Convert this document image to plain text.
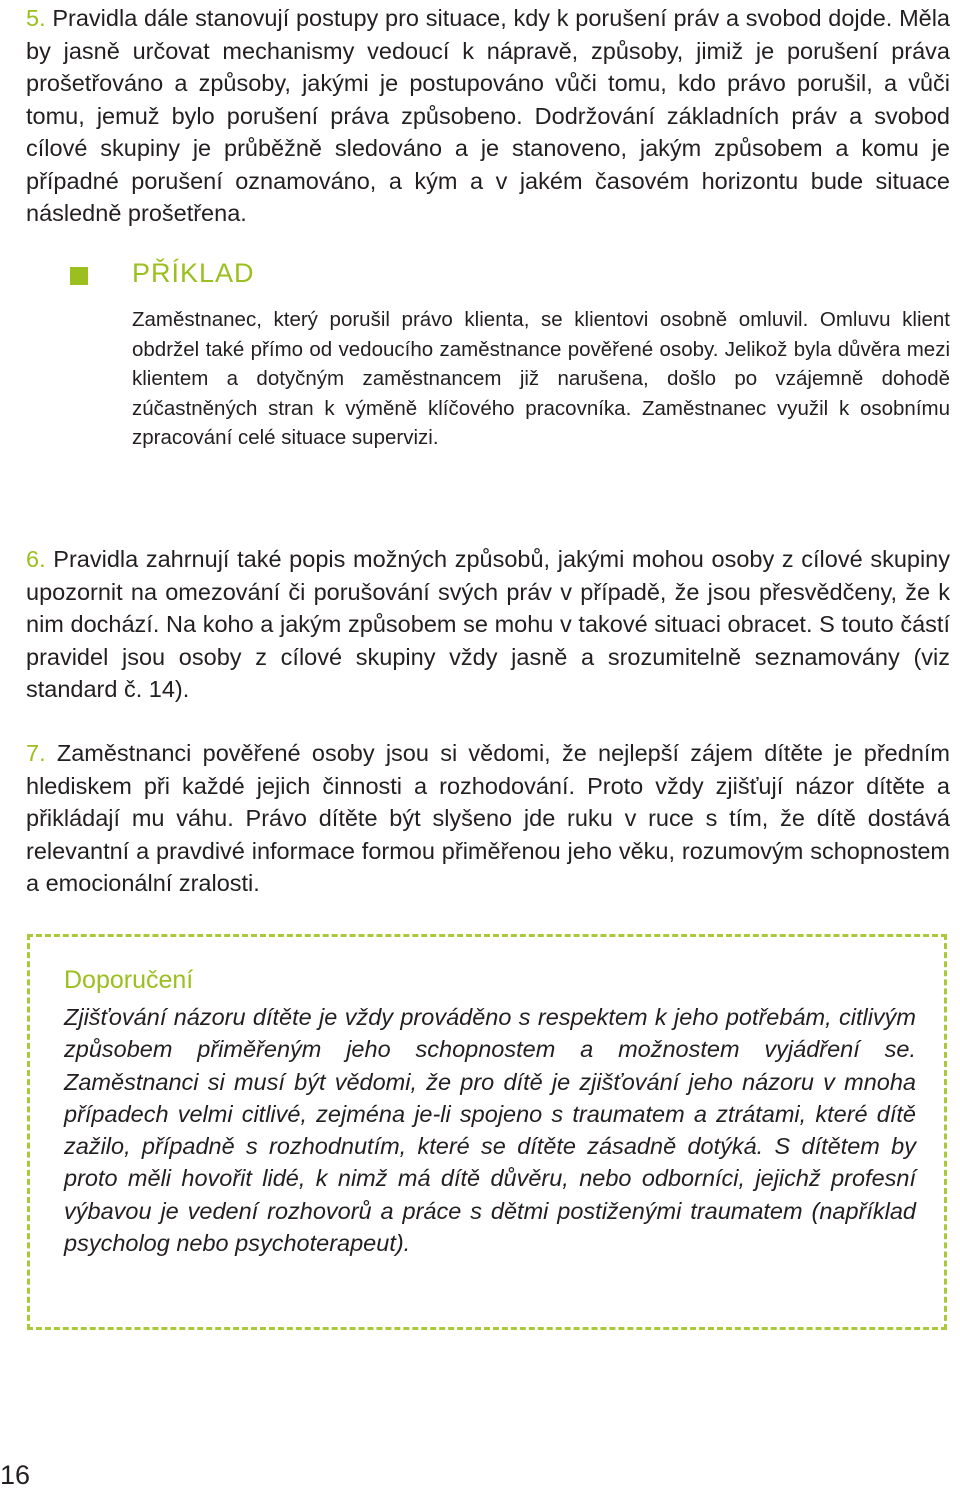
5. Pravidla dále stanovují postupy pro situace, kdy k porušení práv a svobod dojde. Měla by jasně určovat mechanismy vedoucí k nápravě, způsoby, jimiž je porušení práva prošetřováno a způsoby, jakými je postupováno vůči tomu, kdo právo porušil, a vůči tomu, jemuž bylo porušení práva způsobeno. Dodržování základních práv a svobod cílové skupiny je průběžně sledováno a je stanoveno, jakým způsobem a komu je případné porušení oznamováno, a kým a v jakém časovém horizontu bude situace následně prošetřena.

PŘÍKLAD

Zaměstnanec, který porušil právo klienta, se klientovi osobně omluvil. Omluvu klient obdržel také přímo od vedoucího zaměstnance pověřené osoby. Jelikož byla důvěra mezi klientem a dotyčným zaměstnancem již narušena, došlo po vzájemně dohodě zúčastněných stran k výměně klíčového pracovníka. Zaměstnanec využil k osobnímu zpracování celé situace supervizi.

6. Pravidla zahrnují také popis možných způsobů, jakými mohou osoby z cílové skupiny upozornit na omezování či porušování svých práv v případě, že jsou přesvědčeny, že k nim dochází. Na koho a jakým způsobem se mohu v takové situaci obracet. S touto částí pravidel jsou osoby z cílové skupiny vždy jasně a srozumitelně seznamovány (viz standard č. 14).

7. Zaměstnanci pověřené osoby jsou si vědomi, že nejlepší zájem dítěte je předním hlediskem při každé jejich činnosti a rozhodování. Proto vždy zjišťují názor dítěte a přikládají mu váhu. Právo dítěte být slyšeno jde ruku v ruce s tím, že dítě dostává relevantní a pravdivé informace formou přiměřenou jeho věku, rozumovým schopnostem a emocionální zralosti.

Doporučení

Zjišťování názoru dítěte je vždy prováděno s respektem k jeho potřebám, citlivým způsobem přiměřeným jeho schopnostem a možnostem vyjádření se. Zaměstnanci si musí být vědomi, že pro dítě je zjišťování jeho názoru v mnoha případech velmi citlivé, zejména je-li spojeno s traumatem a ztrátami, které dítě zažilo, případně s rozhodnutím, které se dítěte zásadně dotýká. S dítětem by proto měli hovořit lidé, k nimž má dítě důvěru, nebo odborníci, jejichž profesní výbavou je vedení rozhovorů a práce s dětmi postiženými traumatem (například psycholog nebo psychoterapeut).

16
